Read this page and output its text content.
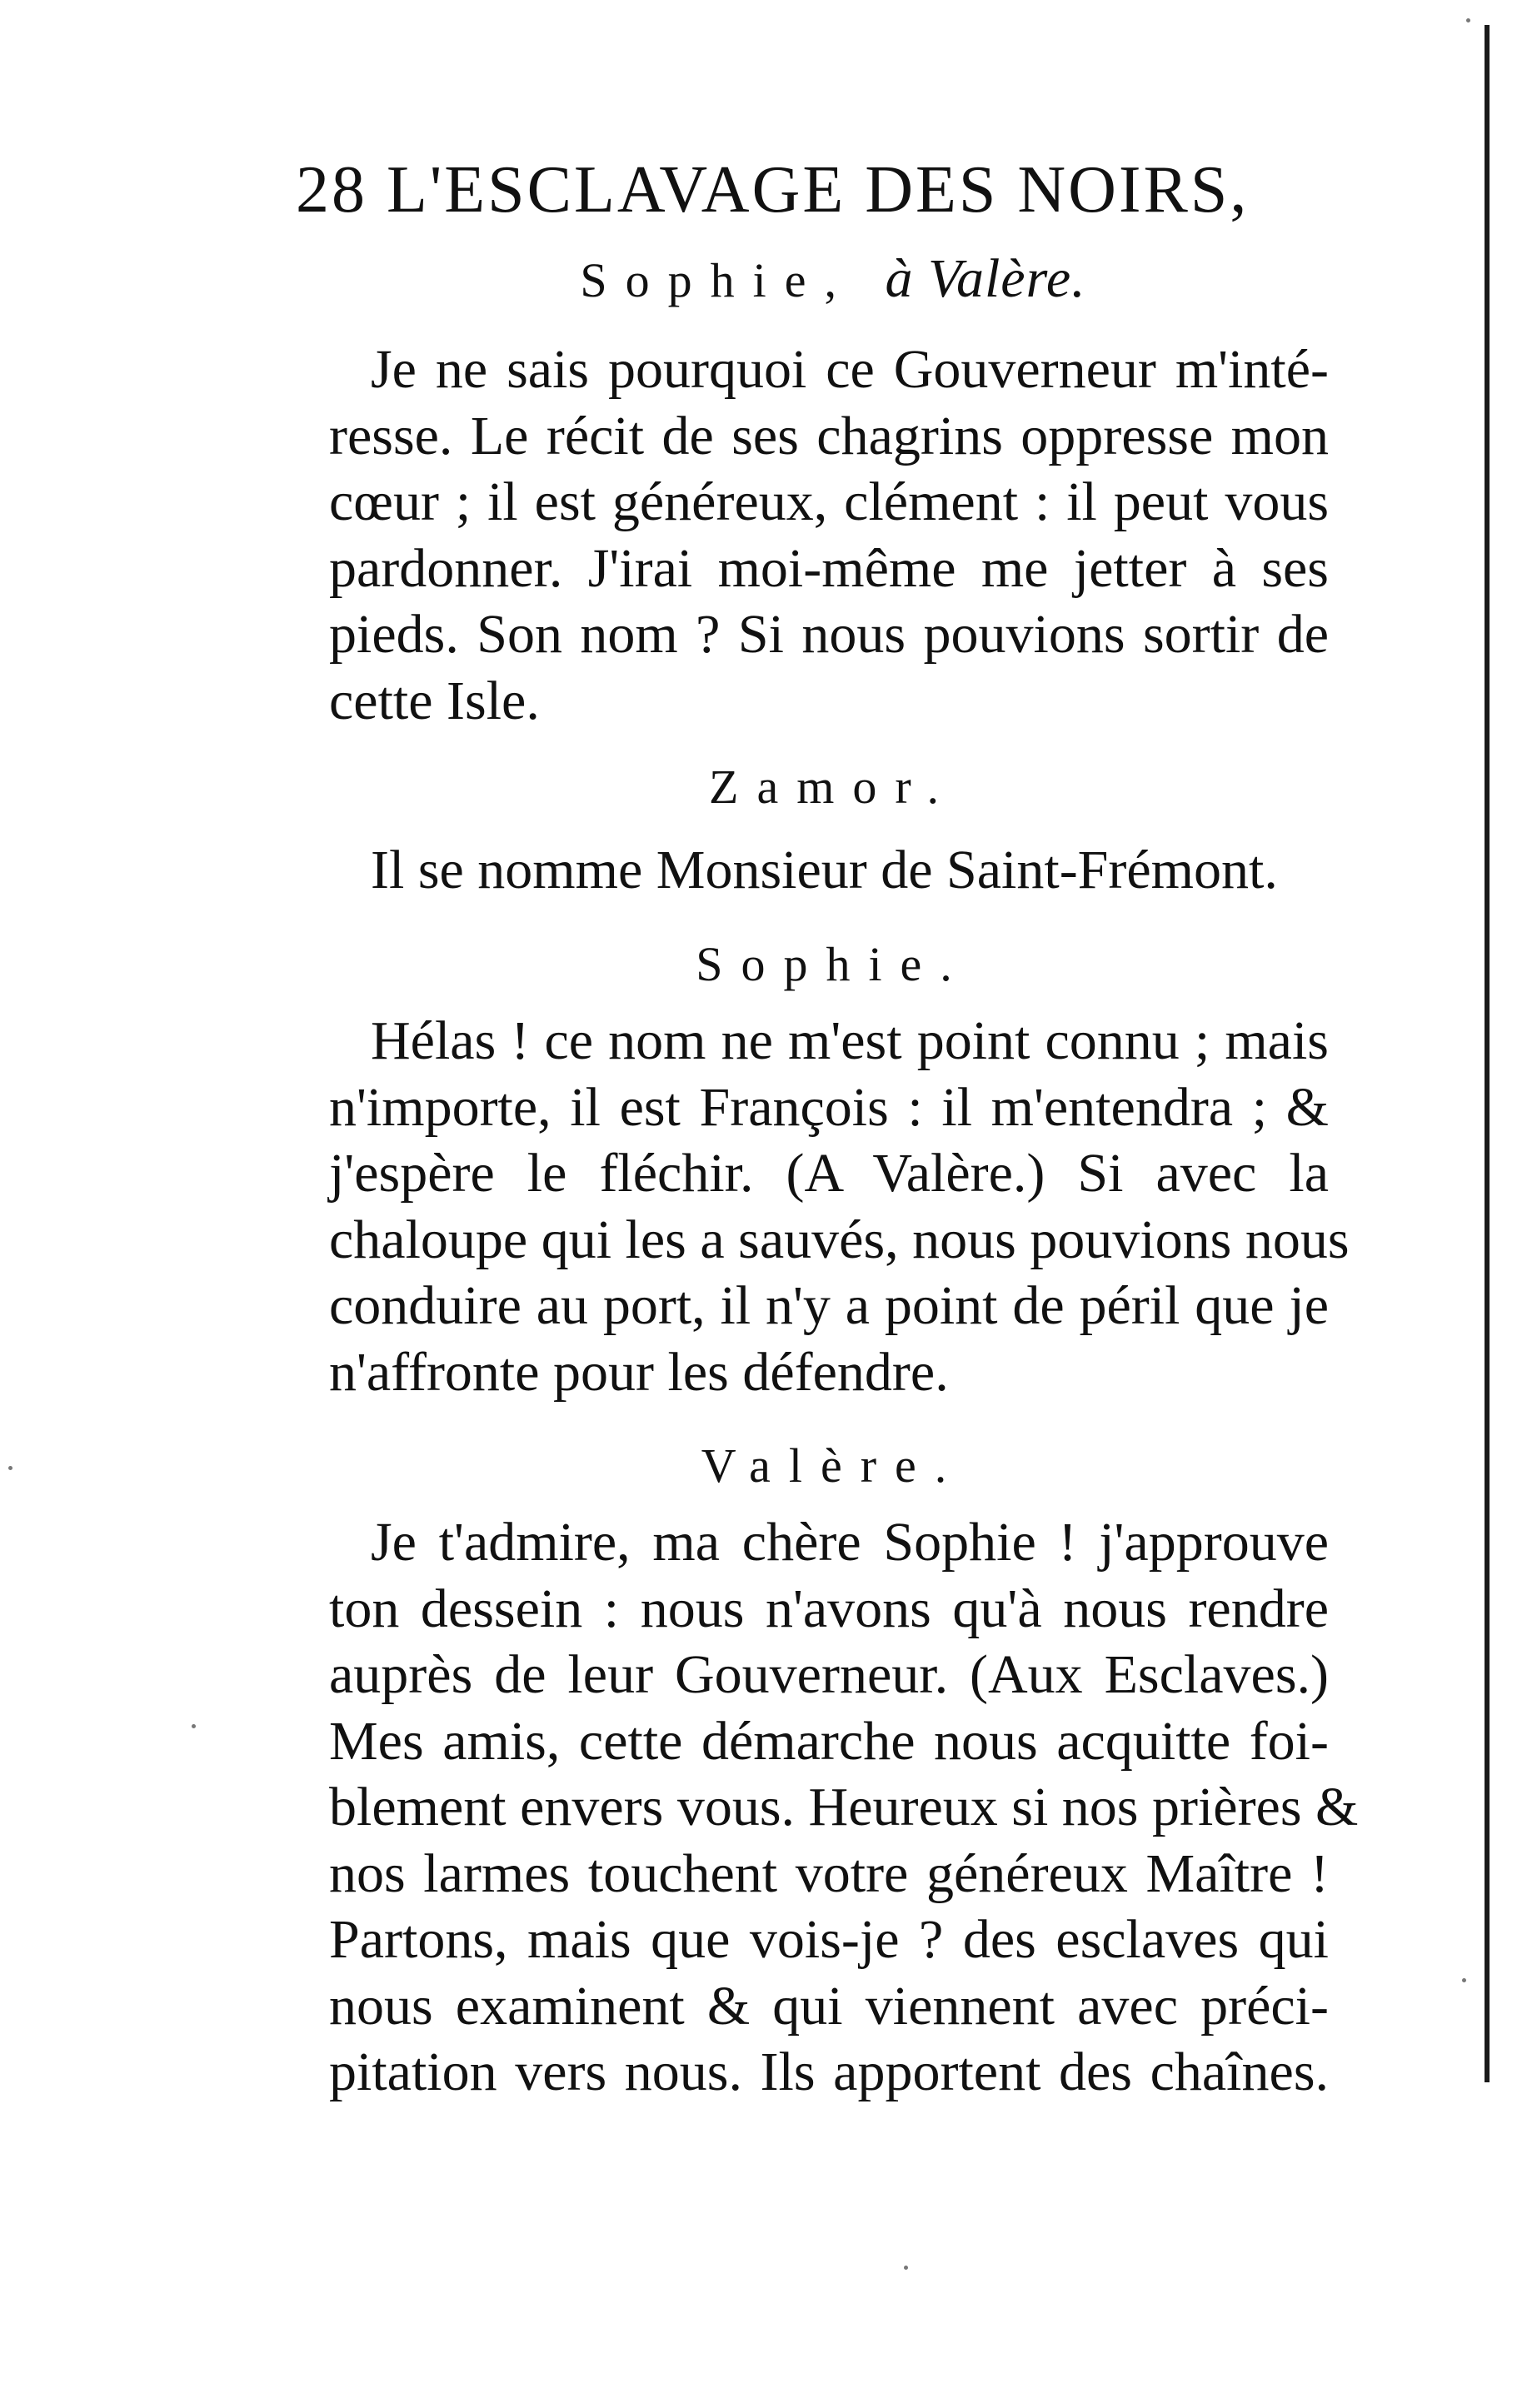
28 L'ESCLAVAGE DES NOIRS,
Sophie, à Valère.
Je ne sais pourquoi ce Gouverneur m'inté-
resse. Le récit de ses chagrins oppresse mon
cœur ; il est généreux, clément : il peut vous
pardonner. J'irai moi-même me jetter à ses
pieds. Son nom ? Si nous pouvions sortir de
cette Isle.
Zamor.
Il se nomme Monsieur de Saint-Frémont.
Sophie.
Hélas ! ce nom ne m'est point connu ; mais
n'importe, il est François : il m'entendra ; &
j'espère le fléchir. (A Valère.) Si avec la
chaloupe qui les a sauvés, nous pouvions nous
conduire au port, il n'y a point de péril que je
n'affronte pour les défendre.
Valère.
Je t'admire, ma chère Sophie ! j'approuve
ton dessein : nous n'avons qu'à nous rendre
auprès de leur Gouverneur. (Aux Esclaves.)
Mes amis, cette démarche nous acquitte foi-
blement envers vous. Heureux si nos prières &
nos larmes touchent votre généreux Maître !
Partons, mais que vois-je ? des esclaves qui
nous examinent & qui viennent avec préci-
pitation vers nous. Ils apportent des chaînes.
